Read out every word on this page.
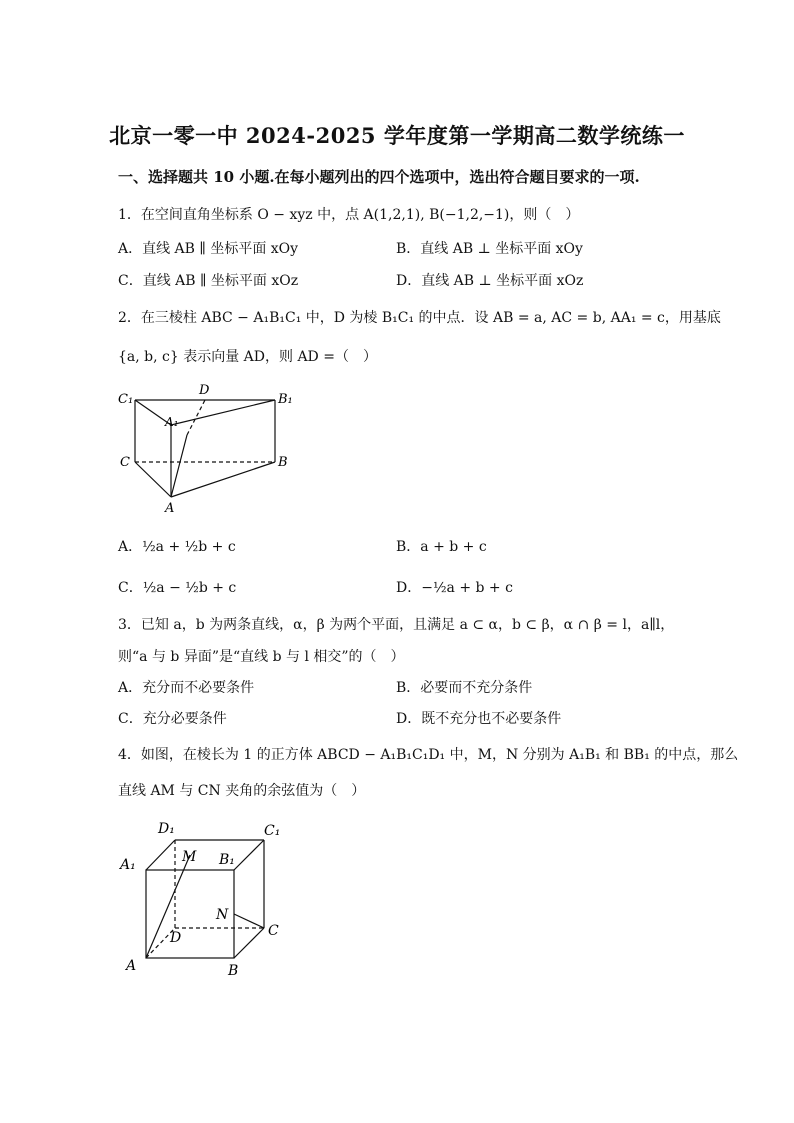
北京一零一中 2024-2025 学年度第一学期高二数学统练一
一、选择题共 10 小题.在每小题列出的四个选项中，选出符合题目要求的一项.
1．在空间直角坐标系 O − xyz 中，点 A(1,2,1), B(−1,2,−1)，则（　）
A．直线 AB ∥ 坐标平面 xOy	B．直线 AB ⊥ 坐标平面 xOy
C．直线 AB ∥ 坐标平面 xOz	D．直线 AB ⊥ 坐标平面 xOz
2．在三棱柱 ABC − A₁B₁C₁ 中，D 为棱 B₁C₁ 的中点．设 AB = a, AC = b, AA₁ = c，用基底
{a, b, c} 表示向量 AD，则 AD =（　）
C₁
D
B₁
A₁
C	B
A
A．½a + ½b + c	B．a + b + c
C．½a − ½b + c	D．−½a + b + c
3．已知 a，b 为两条直线，α，β 为两个平面，且满足 a ⊂ α，b ⊂ β，α ∩ β = l，a∥l，
则“a 与 b 异面”是“直线 b 与 l 相交”的（　）
A．充分而不必要条件	B．必要而不充分条件
C．充分必要条件	D．既不充分也不必要条件
4．如图，在棱长为 1 的正方体 ABCD − A₁B₁C₁D₁ 中，M，N 分别为 A₁B₁ 和 BB₁ 的中点，那么
直线 AM 与 CN 夹角的余弦值为（　）
D₁	C₁
A₁	M B₁
N
D	C
A	B
